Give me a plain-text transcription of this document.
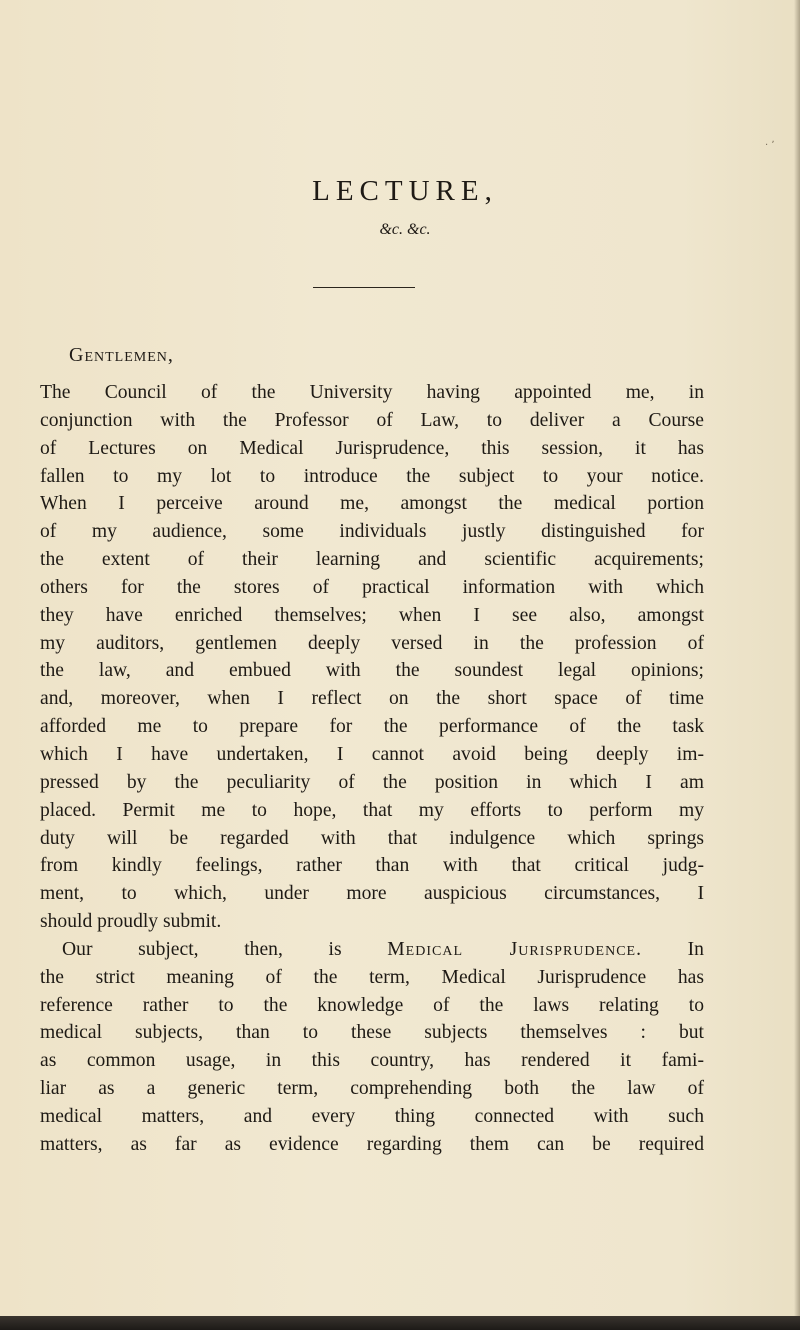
· ʼ
LECTURE,
&c. &c.
Gentlemen,
The Council of the University having appointed me, in
conjunction with the Professor of Law, to deliver a Course
of Lectures on Medical Jurisprudence, this session, it has
fallen to my lot to introduce the subject to your notice.
When I perceive around me, amongst the medical portion
of my audience, some individuals justly distinguished for
the extent of their learning and scientific acquirements;
others for the stores of practical information with which
they have enriched themselves; when I see also, amongst
my auditors, gentlemen deeply versed in the profession of
the law, and embued with the soundest legal opinions;
and, moreover, when I reflect on the short space of time
afforded me to prepare for the performance of the task
which I have undertaken, I cannot avoid being deeply im-
pressed by the peculiarity of the position in which I am
placed. Permit me to hope, that my efforts to perform my
duty will be regarded with that indulgence which springs
from kindly feelings, rather than with that critical judg-
ment, to which, under more auspicious circumstances, I
should proudly submit.
Our subject, then, is Medical Jurisprudence. In
the strict meaning of the term, Medical Jurisprudence has
reference rather to the knowledge of the laws relating to
medical subjects, than to these subjects themselves : but
as common usage, in this country, has rendered it fami-
liar as a generic term, comprehending both the law of
medical matters, and every thing connected with such
matters, as far as evidence regarding them can be required
